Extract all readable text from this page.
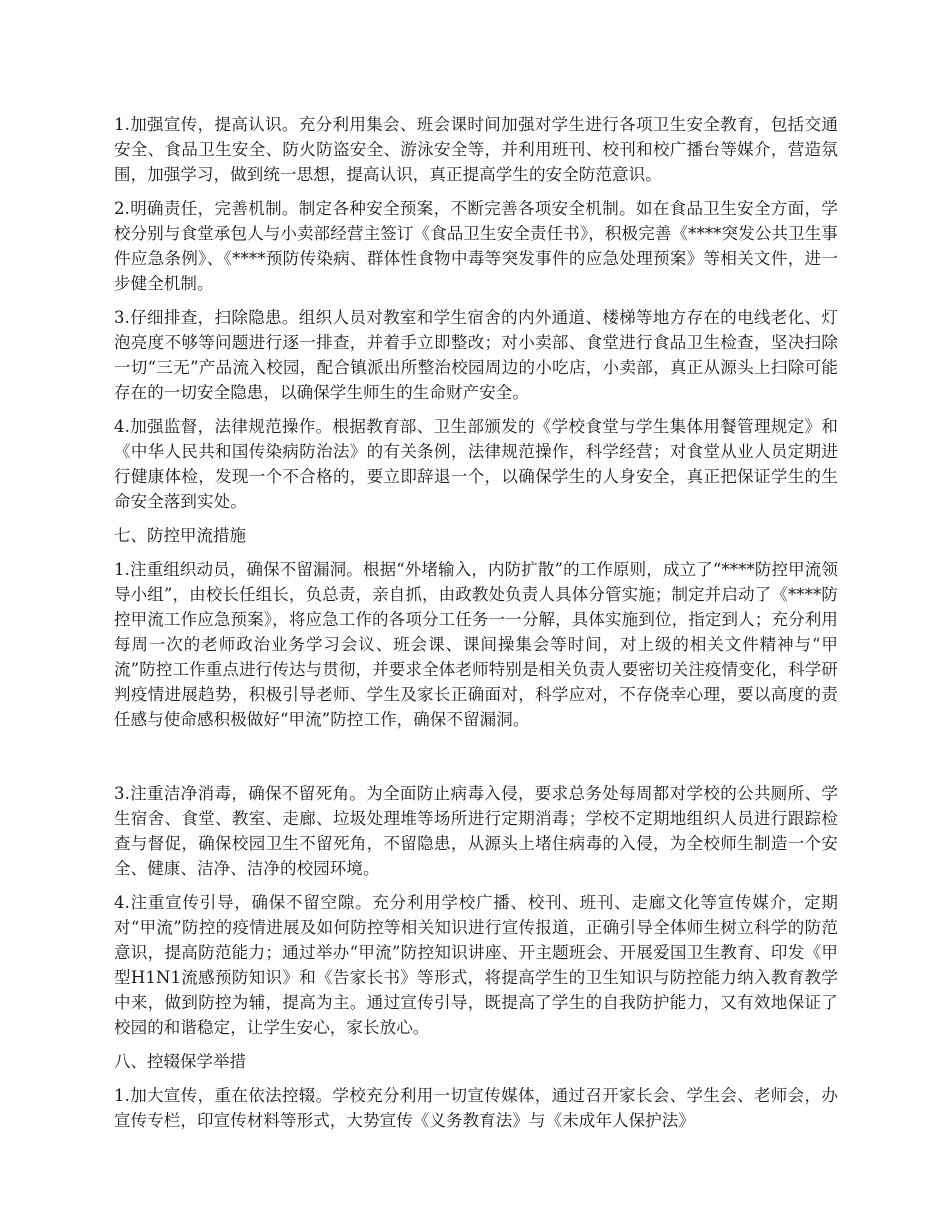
1.加强宣传，提高认识。充分利用集会、班会课时间加强对学生进行各项卫生安全教育，包括交通安全、食品卫生安全、防火防盗安全、游泳安全等，并利用班刊、校刊和校广播台等媒介，营造氛围，加强学习，做到统一思想，提高认识，真正提高学生的安全防范意识。

2.明确责任，完善机制。制定各种安全预案，不断完善各项安全机制。如在食品卫生安全方面，学校分别与食堂承包人与小卖部经营主签订《食品卫生安全责任书》，积极完善《****突发公共卫生事件应急条例》、《****预防传染病、群体性食物中毒等突发事件的应急处理预案》等相关文件，进一步健全机制。

3.仔细排查，扫除隐患。组织人员对教室和学生宿舍的内外通道、楼梯等地方存在的电线老化、灯泡亮度不够等问题进行逐一排查，并着手立即整改；对小卖部、食堂进行食品卫生检查，坚决扫除一切“三无”产品流入校园，配合镇派出所整治校园周边的小吃店，小卖部，真正从源头上扫除可能存在的一切安全隐患，以确保学生师生的生命财产安全。

4.加强监督，法律规范操作。根据教育部、卫生部颁发的《学校食堂与学生集体用餐管理规定》和《中华人民共和国传染病防治法》的有关条例，法律规范操作，科学经营；对食堂从业人员定期进行健康体检，发现一个不合格的，要立即辞退一个，以确保学生的人身安全，真正把保证学生的生命安全落到实处。

七、防控甲流措施

1.注重组织动员，确保不留漏洞。根据“外堵输入，内防扩散”的工作原则，成立了“****防控甲流领导小组”，由校长任组长，负总责，亲自抓，由政教处负责人具体分管实施；制定并启动了《****防控甲流工作应急预案》，将应急工作的各项分工任务一一分解，具体实施到位，指定到人；充分利用每周一次的老师政治业务学习会议、班会课、课间操集会等时间，对上级的相关文件精神与“甲流”防控工作重点进行传达与贯彻，并要求全体老师特别是相关负责人要密切关注疫情变化，科学研判疫情进展趋势，积极引导老师、学生及家长正确面对，科学应对，不存侥幸心理，要以高度的责任感与使命感积极做好“甲流”防控工作，确保不留漏洞。

3.注重洁净消毒，确保不留死角。为全面防止病毒入侵，要求总务处每周都对学校的公共厕所、学生宿舍、食堂、教室、走廊、垃圾处理堆等场所进行定期消毒；学校不定期地组织人员进行跟踪检查与督促，确保校园卫生不留死角，不留隐患，从源头上堵住病毒的入侵，为全校师生制造一个安全、健康、洁净、洁净的校园环境。

4.注重宣传引导，确保不留空隙。充分利用学校广播、校刊、班刊、走廊文化等宣传媒介，定期对“甲流”防控的疫情进展及如何防控等相关知识进行宣传报道，正确引导全体师生树立科学的防范意识，提高防范能力；通过举办“甲流”防控知识讲座、开主题班会、开展爱国卫生教育、印发《甲型H1N1流感预防知识》和《告家长书》等形式，将提高学生的卫生知识与防控能力纳入教育教学中来，做到防控为辅，提高为主。通过宣传引导，既提高了学生的自我防护能力，又有效地保证了校园的和谐稳定，让学生安心，家长放心。

八、控辍保学举措

1.加大宣传，重在依法控辍。学校充分利用一切宣传媒体，通过召开家长会、学生会、老师会，办宣传专栏，印宣传材料等形式，大势宣传《义务教育法》与《未成年人保护法》
